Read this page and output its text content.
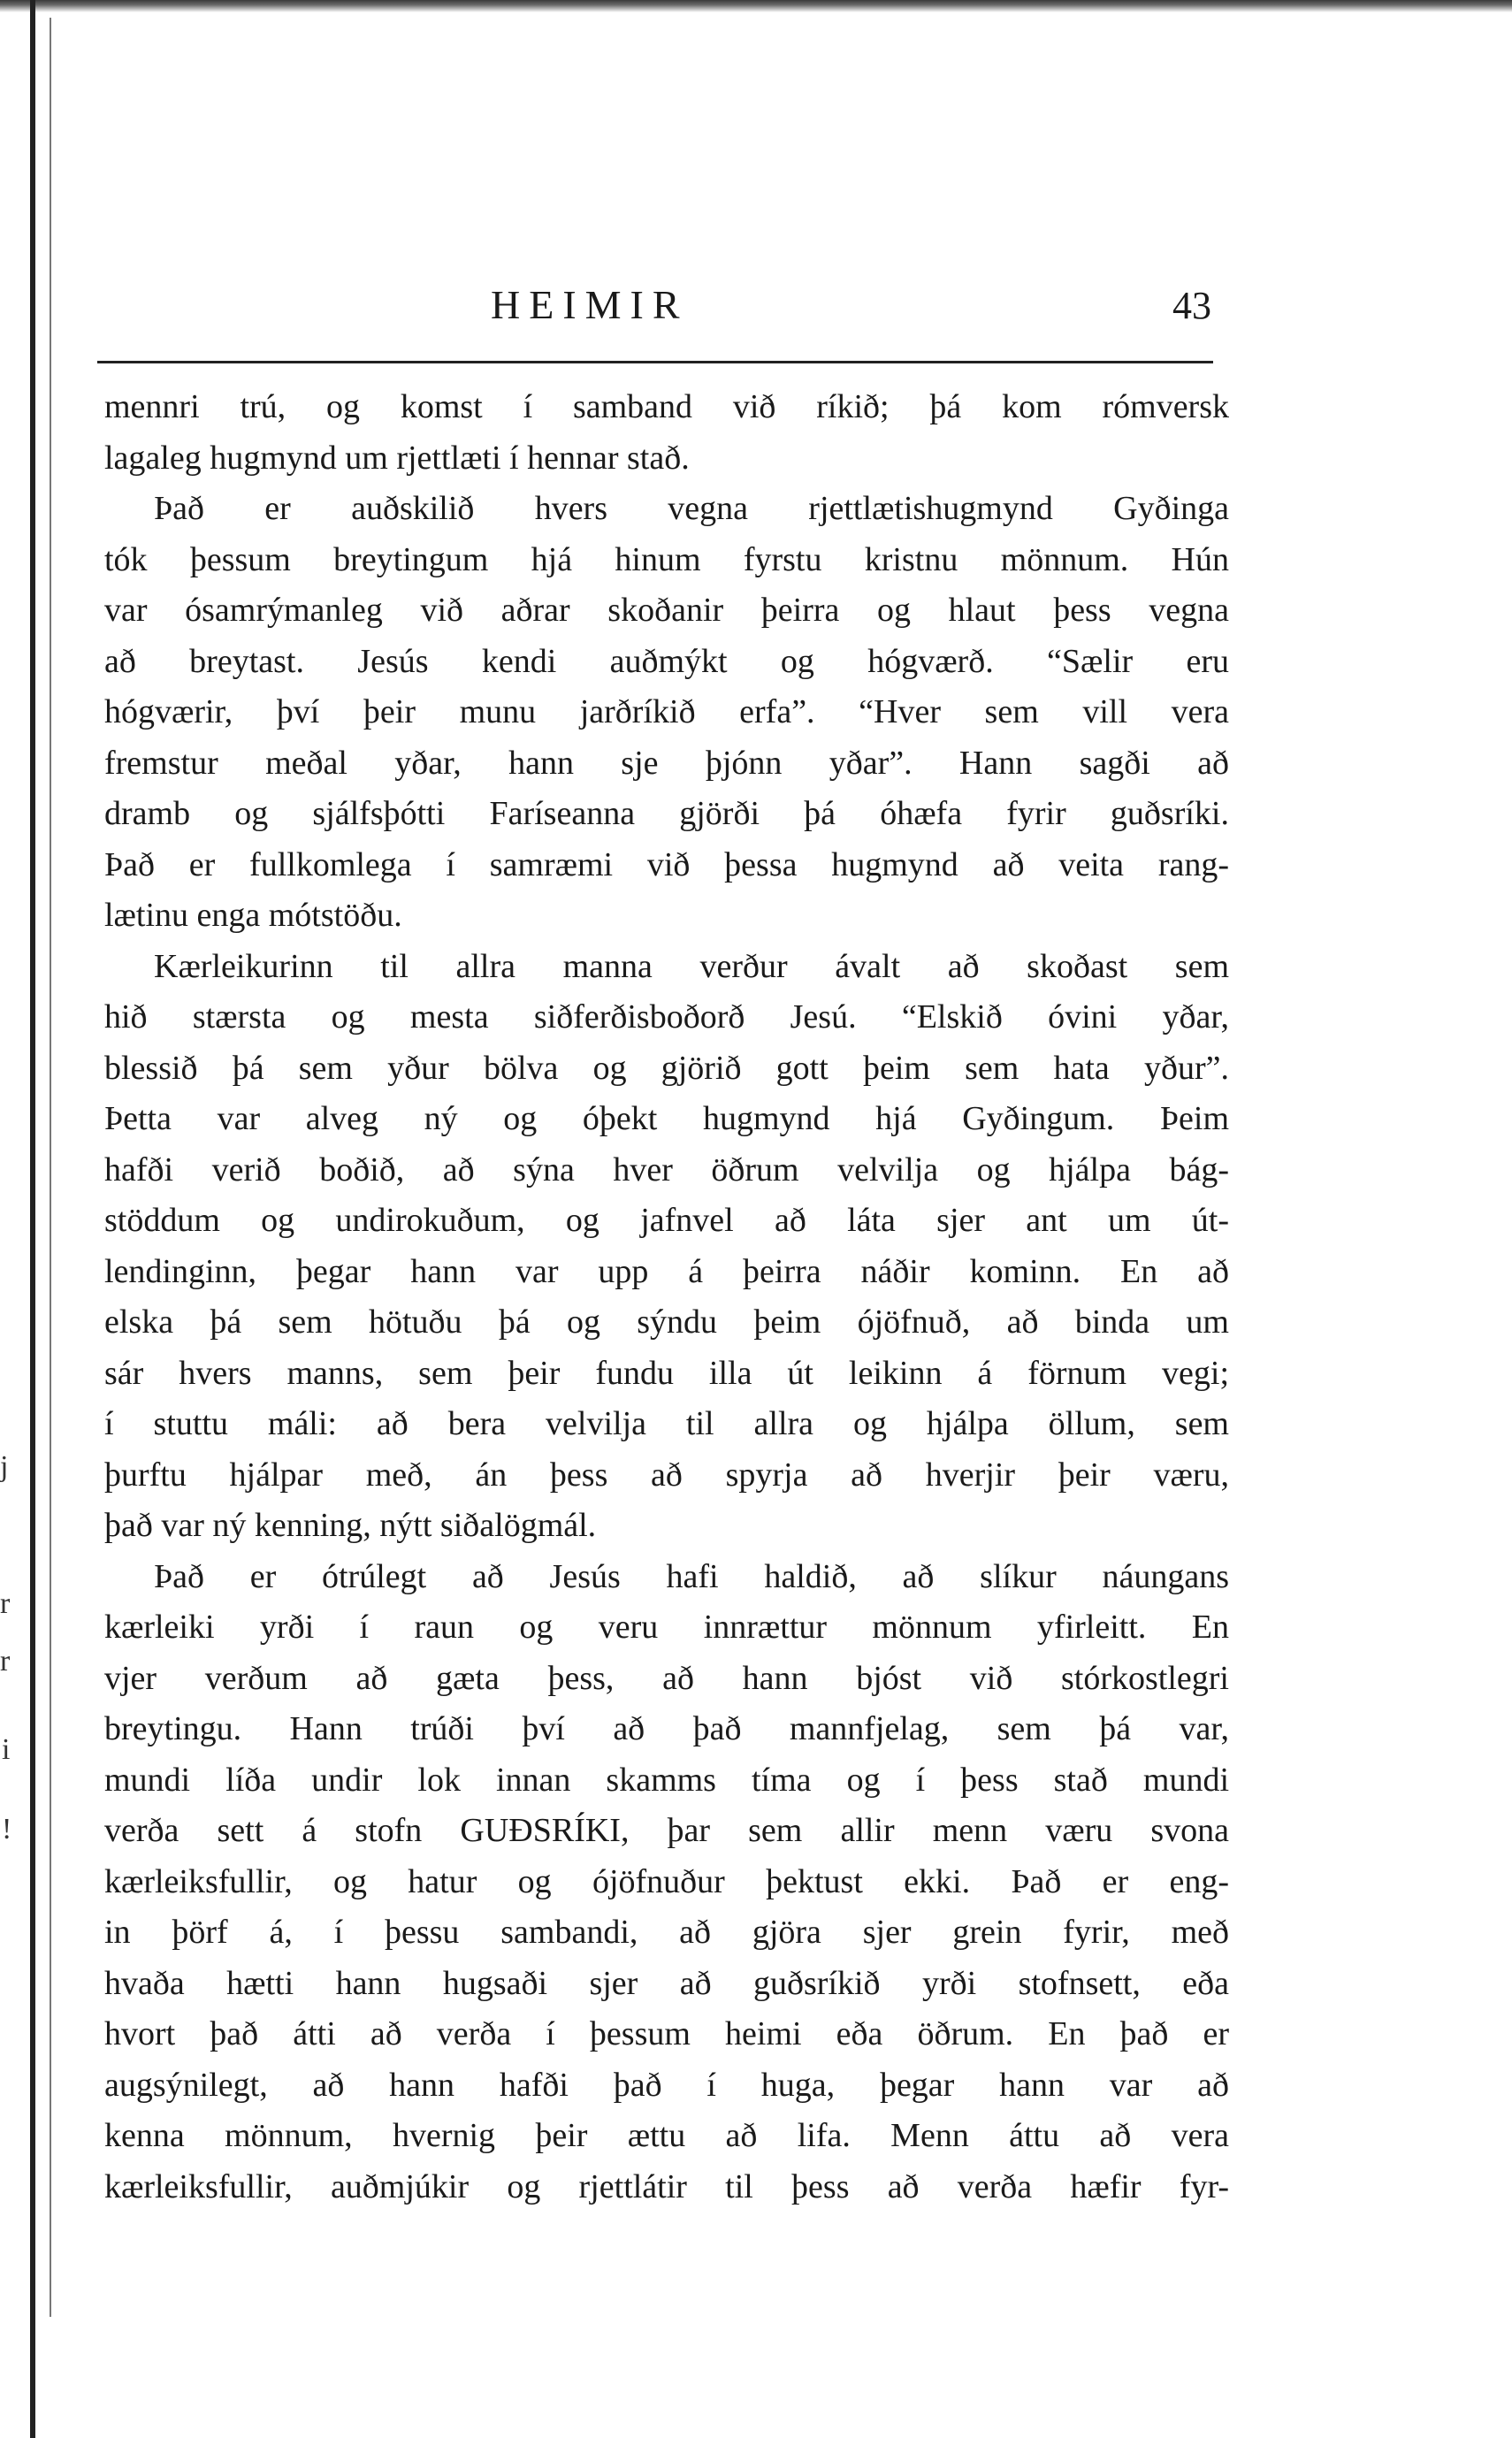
j
r
r
i
!
HEIMIR	43
mennri trú, og komst í samband við ríkið; þá kom rómversk
lagaleg hugmynd um rjettlæti í hennar stað.
Það er auðskilið hvers vegna rjettlætishugmynd Gyðinga
tók þessum breytingum hjá hinum fyrstu kristnu mönnum. Hún
var ósamrýmanleg við aðrar skoðanir þeirra og hlaut þess vegna
að breytast. Jesús kendi auðmýkt og hógværð. “Sælir eru
hógværir, því þeir munu jarðríkið erfa”. “Hver sem vill vera
fremstur meðal yðar, hann sje þjónn yðar”. Hann sagði að
dramb og sjálfsþótti Faríseanna gjörði þá óhæfa fyrir guðsríki.
Það er fullkomlega í samræmi við þessa hugmynd að veita rang-
lætinu enga mótstöðu.
Kærleikurinn til allra manna verður ávalt að skoðast sem
hið stærsta og mesta siðferðisboðorð Jesú. “Elskið óvini yðar,
blessið þá sem yður bölva og gjörið gott þeim sem hata yður”.
Þetta var alveg ný og óþekt hugmynd hjá Gyðingum. Þeim
hafði verið boðið, að sýna hver öðrum velvilja og hjálpa bág-
stöddum og undirokuðum, og jafnvel að láta sjer ant um út-
lendinginn, þegar hann var upp á þeirra náðir kominn. En að
elska þá sem hötuðu þá og sýndu þeim ójöfnuð, að binda um
sár hvers manns, sem þeir fundu illa út leikinn á förnum vegi;
í stuttu máli: að bera velvilja til allra og hjálpa öllum, sem
þurftu hjálpar með, án þess að spyrja að hverjir þeir væru,
það var ný kenning, nýtt siðalögmál.
Það er ótrúlegt að Jesús hafi haldið, að slíkur náungans
kærleiki yrði í raun og veru innrættur mönnum yfirleitt. En
vjer verðum að gæta þess, að hann bjóst við stórkostlegri
breytingu. Hann trúði því að það mannfjelag, sem þá var,
mundi líða undir lok innan skamms tíma og í þess stað mundi
verða sett á stofn GUÐSRÍKI, þar sem allir menn væru svona
kærleiksfullir, og hatur og ójöfnuður þektust ekki. Það er eng-
in þörf á, í þessu sambandi, að gjöra sjer grein fyrir, með
hvaða hætti hann hugsaði sjer að guðsríkið yrði stofnsett, eða
hvort það átti að verða í þessum heimi eða öðrum. En það er
augsýnilegt, að hann hafði það í huga, þegar hann var að
kenna mönnum, hvernig þeir ættu að lifa. Menn áttu að vera
kærleiksfullir, auðmjúkir og rjettlátir til þess að verða hæfir fyr-
